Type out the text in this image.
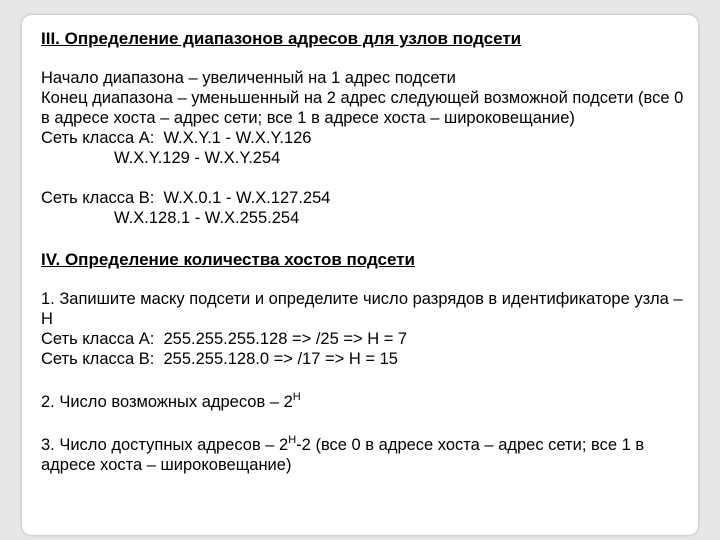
III. Определение диапазонов адресов для узлов подсети

Начало диапазона – увеличенный на 1 адрес подсети

Конец диапазона – уменьшенный на 2 адрес следующей возможной подсети (все 0 в адресе хоста – адрес сети; все 1 в адресе хоста – широковещание)

Сеть класса А:  W.X.Y.1 - W.X.Y.126

W.X.Y.129 - W.X.Y.254

Сеть класса В:  W.X.0.1 - W.X.127.254

W.X.128.1 - W.X.255.254

IV. Определение количества хостов подсети

1. Запишите маску подсети и определите число разрядов в идентификаторе узла – Н

Сеть класса А:  255.255.255.128 => /25 => Н = 7

Сеть класса В:  255.255.128.0 => /17 => Н = 15

2. Число возможных адресов – $2^Н$

3. Число доступных адресов – $2^Н-2$ (все 0 в адресе хоста – адрес сети; все 1 в адресе хоста – широковещание)
